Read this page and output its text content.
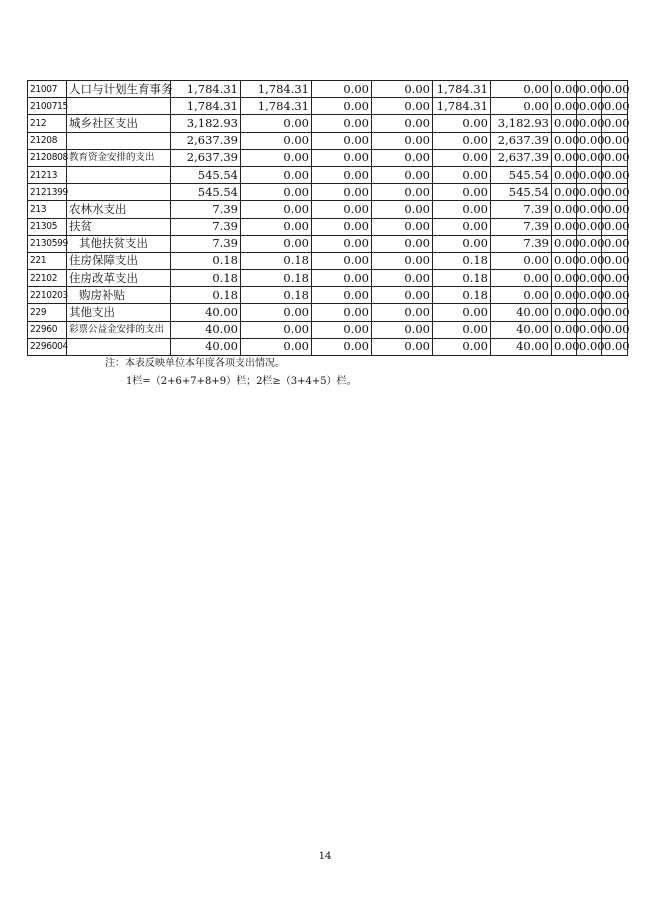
21007	人口与计划生育事务	1,784.31	1,784.31	0.00	0.00	1,784.31	0.00	0.00	0.00	0.00
2100715		1,784.31	1,784.31	0.00	0.00	1,784.31	0.00	0.00	0.00	0.00
212	城乡社区支出	3,182.93	0.00	0.00	0.00	0.00	3,182.93	0.00	0.00	0.00
21208		2,637.39	0.00	0.00	0.00	0.00	2,637.39	0.00	0.00	0.00
2120808	教育资金安排的支出	2,637.39	0.00	0.00	0.00	0.00	2,637.39	0.00	0.00	0.00
21213		545.54	0.00	0.00	0.00	0.00	545.54	0.00	0.00	0.00
2121399		545.54	0.00	0.00	0.00	0.00	545.54	0.00	0.00	0.00
213	农林水支出	7.39	0.00	0.00	0.00	0.00	7.39	0.00	0.00	0.00
21305	扶贫	7.39	0.00	0.00	0.00	0.00	7.39	0.00	0.00	0.00
2130599	其他扶贫支出	7.39	0.00	0.00	0.00	0.00	7.39	0.00	0.00	0.00
221	住房保障支出	0.18	0.18	0.00	0.00	0.18	0.00	0.00	0.00	0.00
22102	住房改革支出	0.18	0.18	0.00	0.00	0.18	0.00	0.00	0.00	0.00
2210203	购房补贴	0.18	0.18	0.00	0.00	0.18	0.00	0.00	0.00	0.00
229	其他支出	40.00	0.00	0.00	0.00	0.00	40.00	0.00	0.00	0.00
22960	彩票公益金安排的支出	40.00	0.00	0.00	0.00	0.00	40.00	0.00	0.00	0.00
2296004		40.00	0.00	0.00	0.00	0.00	40.00	0.00	0.00	0.00
注：本表反映单位本年度各项支出情况。
1栏=（2+6+7+8+9）栏；2栏≥（3+4+5）栏。
14
